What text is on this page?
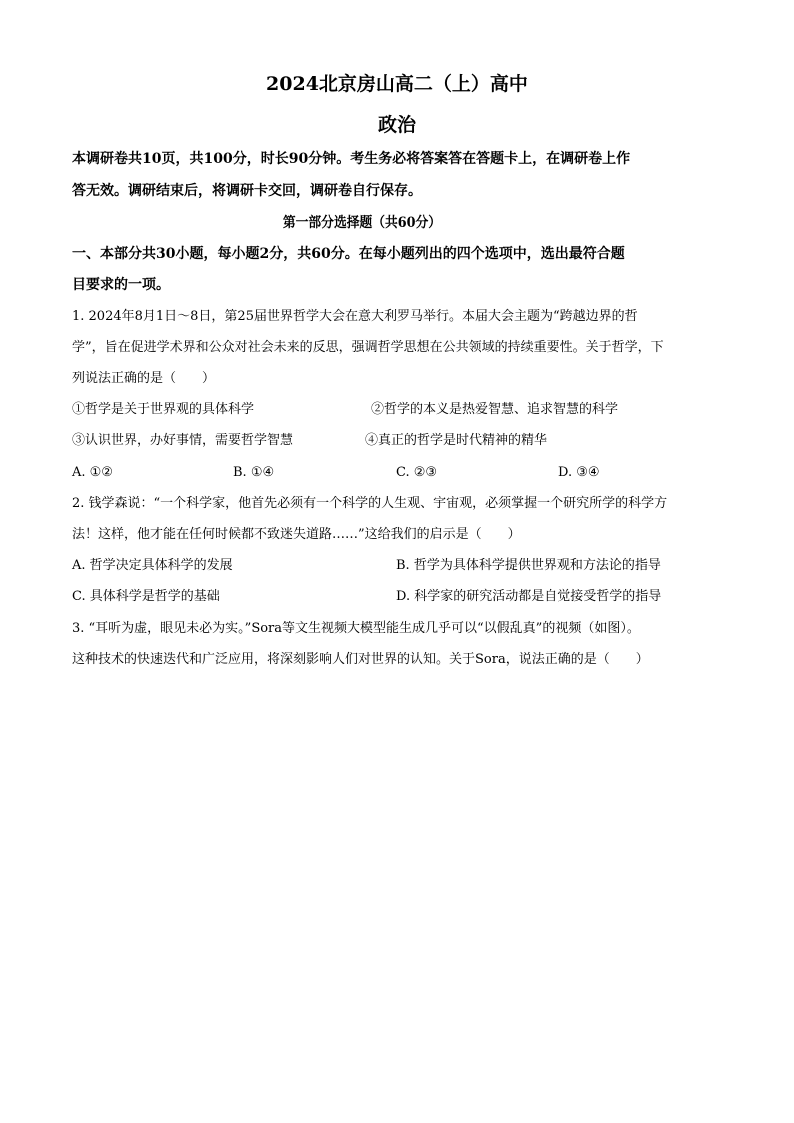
2024北京房山高二（上）高中
政治
本调研卷共10页，共100分，时长90分钟。考生务必将答案答在答题卡上，在调研卷上作
答无效。调研结束后，将调研卡交回，调研卷自行保存。
第一部分选择题（共60分）
一、本部分共30小题，每小题2分，共60分。在每小题列出的四个选项中，选出最符合题
目要求的一项。
1. 2024年8月1日～8日，第25届世界哲学大会在意大利罗马举行。本届大会主题为“跨越边界的哲
学”，旨在促进学术界和公众对社会未来的反思，强调哲学思想在公共领域的持续重要性。关于哲学，下
列说法正确的是（　　）
①哲学是关于世界观的具体科学	②哲学的本义是热爱智慧、追求智慧的科学
③认识世界，办好事情，需要哲学智慧	④真正的哲学是时代精神的精华
A. ①②	B. ①④	C. ②③	D. ③④
2. 钱学森说：“一个科学家，他首先必须有一个科学的人生观、宇宙观，必须掌握一个研究所学的科学方
法！这样，他才能在任何时候都不致迷失道路……”这给我们的启示是（　　）
A. 哲学决定具体科学的发展	B. 哲学为具体科学提供世界观和方法论的指导
C. 具体科学是哲学的基础	D. 科学家的研究活动都是自觉接受哲学的指导
3. “耳听为虚，眼见未必为实。”Sora等文生视频大模型能生成几乎可以“以假乱真”的视频（如图）。
这种技术的快速迭代和广泛应用，将深刻影响人们对世界的认知。关于Sora，说法正确的是（　　）
